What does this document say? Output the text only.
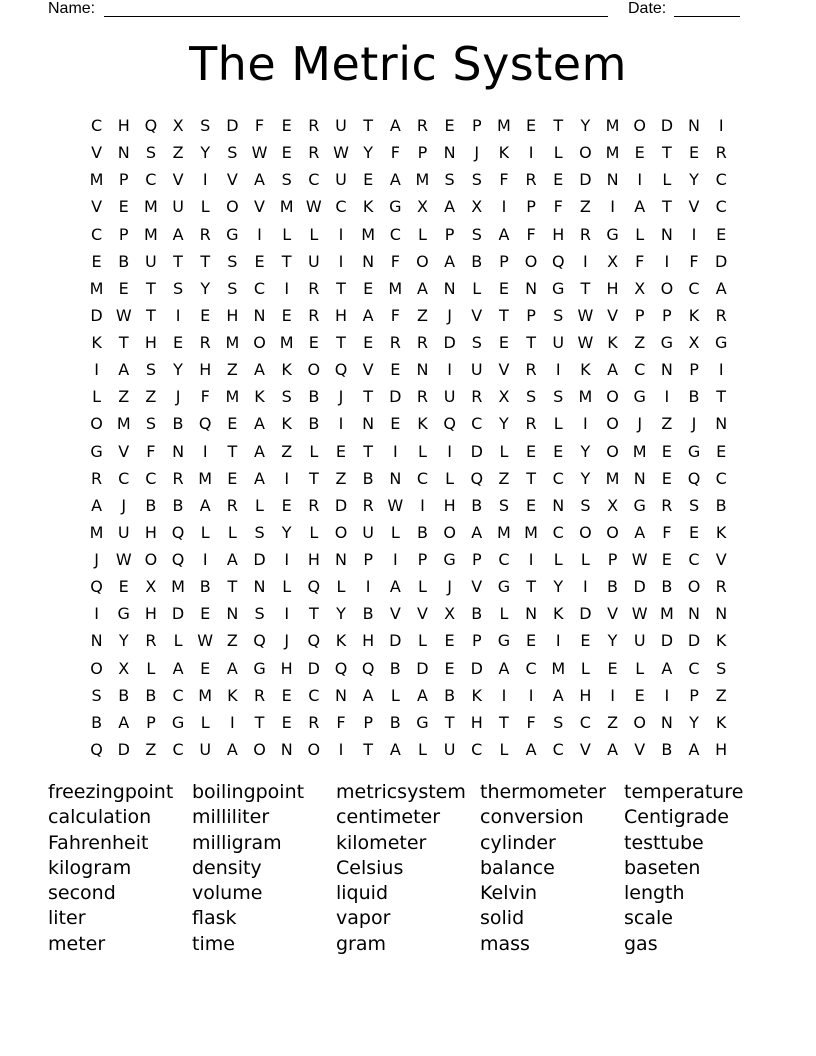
Name:	Date:
The Metric System
C H Q X	S D	F	E	R U	T	A	R	E	P M E	T	Y M O D N	I
V N	S	Z	Y	S W E	R W Y	F	P	N	J	K	I	L	O M E	T	E	R
M P	C	V	I	V	A	S	C U	E	A M S	S	F	R	E D N	I	L	Y	C
V	E M U	L	O V M W C	K G X	A	X	I	P	F	Z	I	A	T	V	C
C	P M A	R G	I	L	L	I	M C	L	P	S	A	F	H R G	L	N	I	E
E	B U	T	T	S	E	T	U	I	N	F	O A	B	P	O Q	I	X	F	I	F	D
M E	T	S	Y	S	C	I	R	T	E M A N	L	E	N G	T	H X O C	A
D W T	I	E	H N	E	R H A	F	Z	J	V	T	P	S W V	P	P	K	R
K	T	H	E	R M O M E	T	E	R	R D S	E	T	U W K	Z G X G
I	A	S	Y	H Z	A	K O Q V	E	N	I	U V	R	I	K	A	C N	P	I
L	Z	Z	J	F M K	S	B	J	T	D R U R	X	S	S M O G	I	B	T
O M S	B Q E	A	K	B	I	N	E	K Q C	Y	R	L	I	O	J	Z	J	N
G V	F	N	I	T	A	Z	L	E	T	I	L	I	D	L	E	E	Y O M E G E
R	C C	R M E	A	I	T	Z	B N C	L	Q Z	T	C	Y M N	E Q C
A	J	B	B	A	R	L	E	R D R W	I	H B	S	E	N	S	X G R	S	B
M U H Q	L	L	S	Y	L	O U	L	B O A M M C O O A	F	E	K
J	W O Q	I	A D	I	H N	P	I	P	G	P	C	I	L	L	P W E	C	V
Q E	X M B	T	N	L	Q	L	I	A	L	J	V G	T	Y	I	B D B O R
I	G H D E	N	S	I	T	Y	B	V	V	X	B	L	N K D V W M N N
N	Y	R	L W Z Q	J	Q K H D	L	E	P	G E	I	E	Y	U D D K
O X	L	A	E	A G H D Q Q B D E D A	C M L	E	L	A	C	S
S	B	B	C M K	R	E	C N A	L	A	B	K	I	I	A H	I	E	I	P	Z
B	A	P	G	L	I	T	E	R	F	P	B G	T	H	T	F	S	C	Z O N	Y	K
Q D Z	C U A O N O	I	T	A	L	U C	L	A	C	V	A	V	B	A H
freezingpoint boilingpoint	metricsystem thermometer temperature
calculation	milliliter	centimeter	conversion	Centigrade
Fahrenheit	milligram	kilometer	cylinder	testtube
kilogram	density	Celsius	balance	baseten
second	volume	liquid	Kelvin	length
liter	flask	vapor	solid	scale
meter	time	gram	mass	gas
